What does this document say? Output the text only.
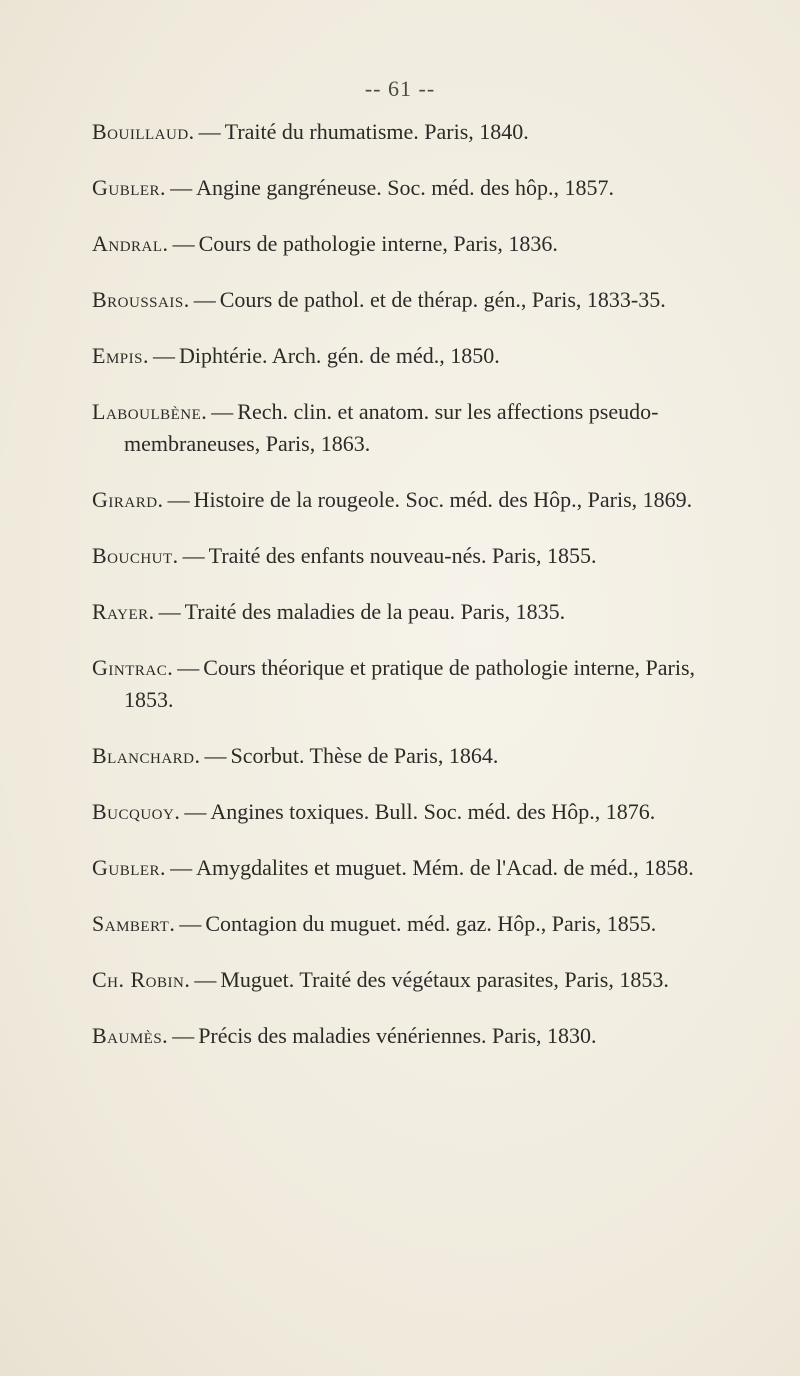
-- 61 --

Bouillaud. — Traité du rhumatisme. Paris, 1840.

Gubler. — Angine gangréneuse. Soc. méd. des hôp., 1857.

Andral. — Cours de pathologie interne, Paris, 1836.

Broussais. — Cours de pathol. et de thérap. gén., Paris, 1833-35.

Empis. — Diphtérie. Arch. gén. de méd., 1850.

Laboulbène. — Rech. clin. et anatom. sur les affections pseudo-membraneuses, Paris, 1863.

Girard. — Histoire de la rougeole. Soc. méd. des Hôp., Paris, 1869.

Bouchut. — Traité des enfants nouveau-nés. Paris, 1855.

Rayer. — Traité des maladies de la peau. Paris, 1835.

Gintrac. — Cours théorique et pratique de pathologie interne, Paris, 1853.

Blanchard. — Scorbut. Thèse de Paris, 1864.

Bucquoy. — Angines toxiques. Bull. Soc. méd. des Hôp., 1876.

Gubler. — Amygdalites et muguet. Mém. de l'Acad. de méd., 1858.

Sambert. — Contagion du muguet. méd. gaz. Hôp., Paris, 1855.

Ch. Robin. — Muguet. Traité des végétaux parasites, Paris, 1853.

Baumès. — Précis des maladies vénériennes. Paris, 1830.
